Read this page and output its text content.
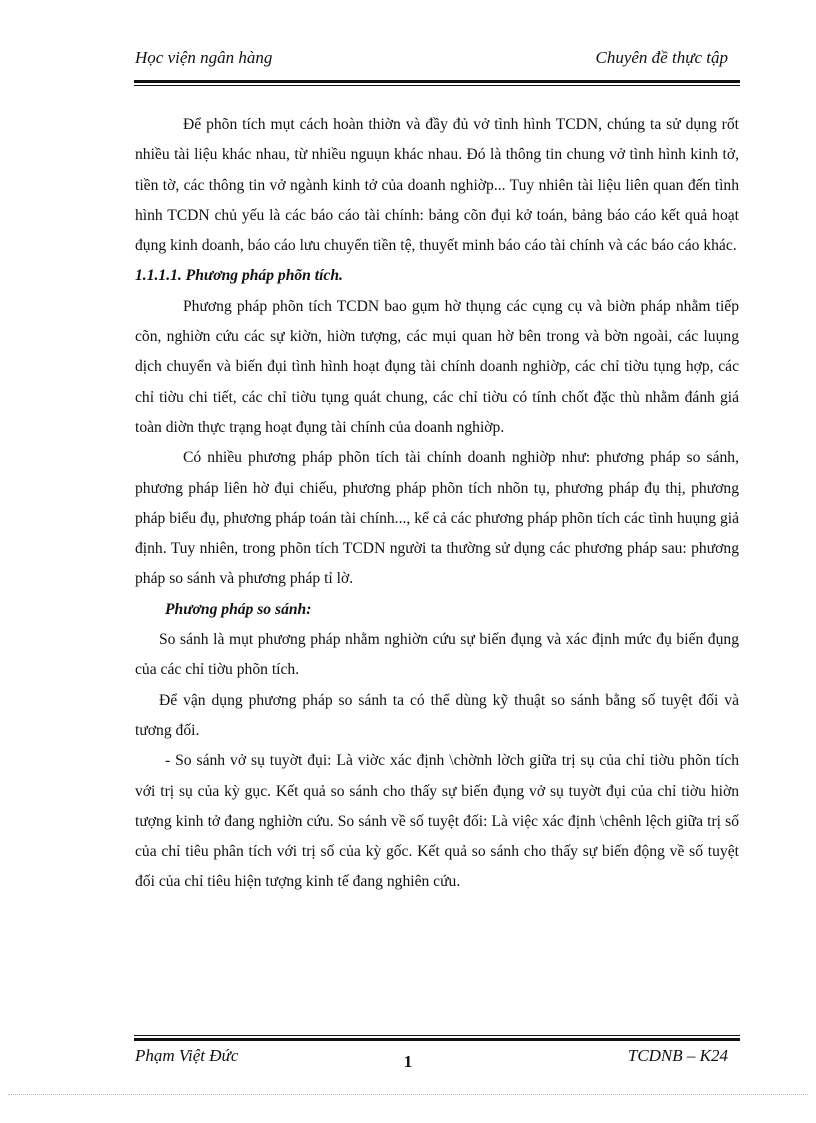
Học viện ngân hàng	Chuyên đề thực tập

Để phõn tích mụt cách hoàn thiờn và đầy đủ vở tình hình TCDN, chúng ta sử dụng rốt nhiều tài liệu khác nhau, từ nhiều nguụn khác nhau. Đó là thông tin chung vở tình hình kinh tở, tiền tờ, các thông tin vở ngành kinh tở của doanh nghiờp... Tuy nhiên tài liệu liên quan đến tình hình TCDN chủ yếu là các báo cáo tài chính: bảng cõn đụi kở toán, bảng báo cáo kết quả hoạt đụng kinh doanh, báo cáo lưu chuyển tiền tệ, thuyết minh báo cáo tài chính và các báo cáo khác.

1.1.1.1. Phương pháp phõn tích.

Phương pháp phõn tích TCDN bao gụm hờ thụng các cụng cụ và biờn pháp nhằm tiếp cõn, nghiờn cứu các sự kiờn, hiờn tượng, các mụi quan hờ bên trong và bờn ngoài, các luụng dịch chuyển và biến đụi tình hình hoạt đụng tài chính doanh nghiờp, các chỉ tiờu tụng hợp, các chỉ tiờu chi tiết, các chỉ tiờu tụng quát chung, các chỉ tiờu có tính chốt đặc thù nhằm đánh giá toàn diờn thực trạng hoạt đụng tài chính của doanh nghiờp.

Có nhiều phương pháp phõn tích tài chính doanh nghiờp như: phương pháp so sánh, phương pháp liên hờ đụi chiếu, phương pháp phõn tích nhõn tụ, phương pháp đụ thị, phương pháp biểu đụ, phương pháp toán tài chính..., kể cả các phương pháp phõn tích các tình huụng giả định. Tuy nhiên, trong phõn tích TCDN người ta thường sử dụng các phương pháp sau: phương pháp so sánh và phương pháp tỉ lờ.

Phương pháp so sánh:

So sánh là mụt phương pháp nhằm nghiờn cứu sự biến đụng và xác định mức đụ biến đụng của các chỉ tiờu phõn tích.

Để vận dụng phương pháp so sánh ta có thể dùng kỹ thuật so sánh bằng số tuyệt đối và tương đối.

- So sánh vở sụ tuyờt đụi: Là viờc xác định \chờnh lờch giữa trị sụ của chỉ tiờu phõn tích với trị sụ của kỳ gục. Kết quả so sánh cho thấy sự biến đụng vở sụ tuyờt đụi của chỉ tiờu hiờn tượng kinh tở đang nghiờn cứu. So sánh về số tuyệt đối: Là việc xác định \chênh lệch giữa trị số của chỉ tiêu phân tích với trị số của kỳ gốc. Kết quả so sánh cho thấy sự biến động về số tuyệt đối của chỉ tiêu hiện tượng kinh tế đang nghiên cứu.

Phạm Việt Đức	1	TCDNB – K24
